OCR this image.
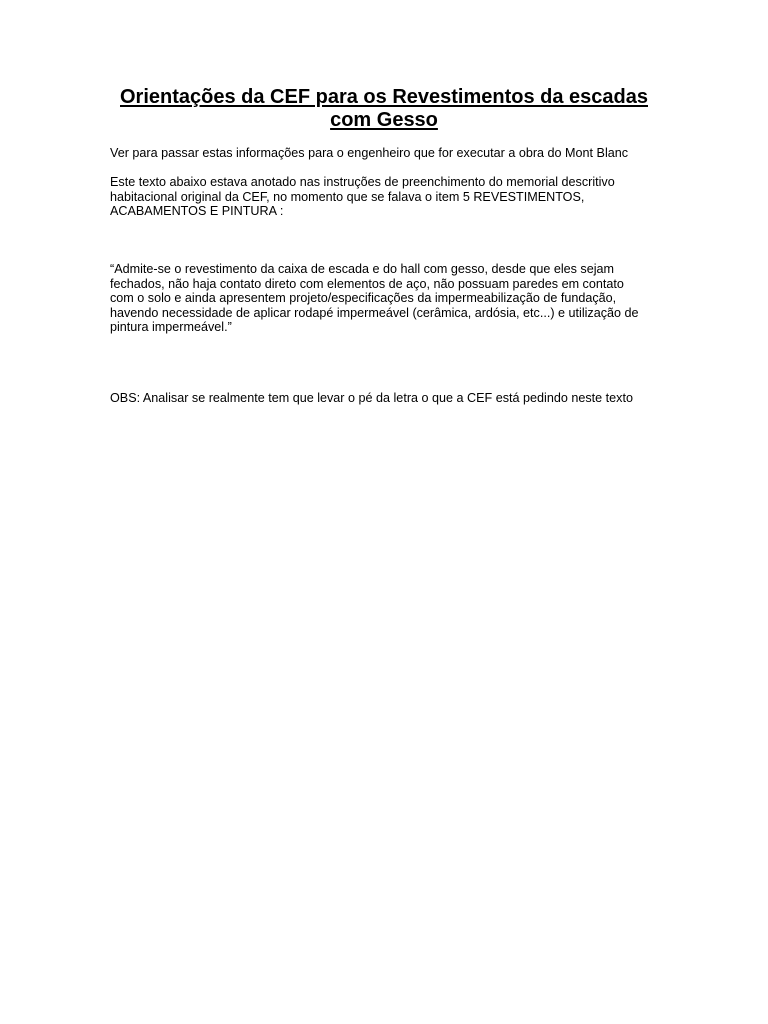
Orientações da CEF para os Revestimentos da escadas com Gesso

Ver para passar estas informações para o engenheiro que for executar a obra do Mont Blanc

Este texto abaixo estava anotado nas instruções de preenchimento do memorial descritivo
habitacional original da CEF, no momento que se falava o item 5 REVESTIMENTOS,
ACABAMENTOS E PINTURA :

“Admite-se o revestimento da caixa de escada e do hall com gesso, desde que eles sejam
fechados, não haja contato direto com elementos de aço, não possuam paredes em contato
com o solo e ainda apresentem projeto/especificações da impermeabilização de fundação,
havendo necessidade de aplicar rodapé impermeável (cerâmica, ardósia, etc...) e utilização de
pintura impermeável.”

OBS: Analisar se realmente tem que levar o pé da letra o que a CEF está pedindo neste texto
